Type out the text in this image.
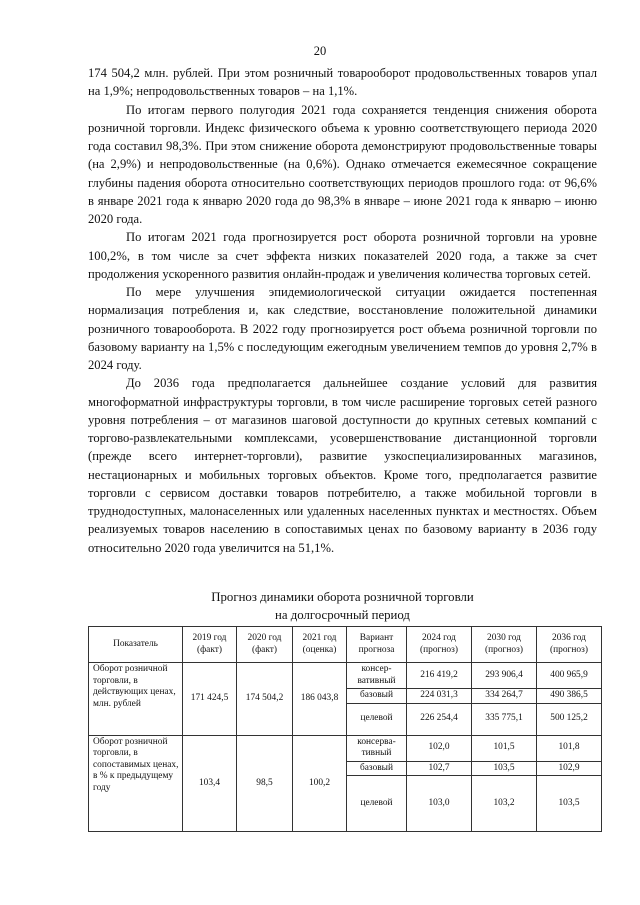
20

174 504,2 млн. рублей. При этом розничный товарооборот продовольственных товаров упал на 1,9%; непродовольственных товаров – на 1,1%.

По итогам первого полугодия 2021 года сохраняется тенденция снижения оборота розничной торговли. Индекс физического объема к уровню соответствующего периода 2020 года составил 98,3%. При этом снижение оборота демонстрируют продовольственные товары (на 2,9%) и непродовольственные (на 0,6%). Однако отмечается ежемесячное сокращение глубины падения оборота относительно соответствующих периодов прошлого года: от 96,6% в январе 2021 года к январю 2020 года до 98,3% в январе – июне 2021 года к январю – июню 2020 года.

По итогам 2021 года прогнозируется рост оборота розничной торговли на уровне 100,2%, в том числе за счет эффекта низких показателей 2020 года, а также за счет продолжения ускоренного развития онлайн-продаж и увеличения количества торговых сетей.

По мере улучшения эпидемиологической ситуации ожидается постепенная нормализация потребления и, как следствие, восстановление положительной динамики розничного товарооборота. В 2022 году прогнозируется рост объема розничной торговли по базовому варианту на 1,5% с последующим ежегодным увеличением темпов до уровня 2,7% в 2024 году.

До 2036 года предполагается дальнейшее создание условий для развития многоформатной инфраструктуры торговли, в том числе расширение торговых сетей разного уровня потребления – от магазинов шаговой доступности до крупных сетевых компаний с торгово-развлекательными комплексами, усовершенствование дистанционной торговли (прежде всего интернет-торговли), развитие узкоспециализированных магазинов, нестационарных и мобильных торговых объектов. Кроме того, предполагается развитие торговли с сервисом доставки товаров потребителю, а также мобильной торговли в труднодоступных, малонаселенных или удаленных населенных пунктах и местностях. Объем реализуемых товаров населению в сопоставимых ценах по базовому варианту в 2036 году относительно 2020 года увеличится на 51,1%.

Прогноз динамики оборота розничной торговли
на долгосрочный период
Показатель	2019 год (факт)	2020 год (факт)	2021 год (оценка)	Вариант прогноза	2024 год (прогноз)	2030 год (прогноз)	2036 год (прогноз)
Оборот розничной торговли, в действующих ценах, млн. рублей	171 424,5	174 504,2	186 043,8	консер-вативный	216 419,2	293 906,4	400 965,9
				базовый	224 031,3	334 264,7	490 386,5
				целевой	226 254,4	335 775,1	500 125,2
Оборот розничной торговли, в сопоставимых ценах, в % к предыдущему году	103,4	98,5	100,2	консерва-тивный	102,0	101,5	101,8
				базовый	102,7	103,5	102,9
				целевой	103,0	103,2	103,5
